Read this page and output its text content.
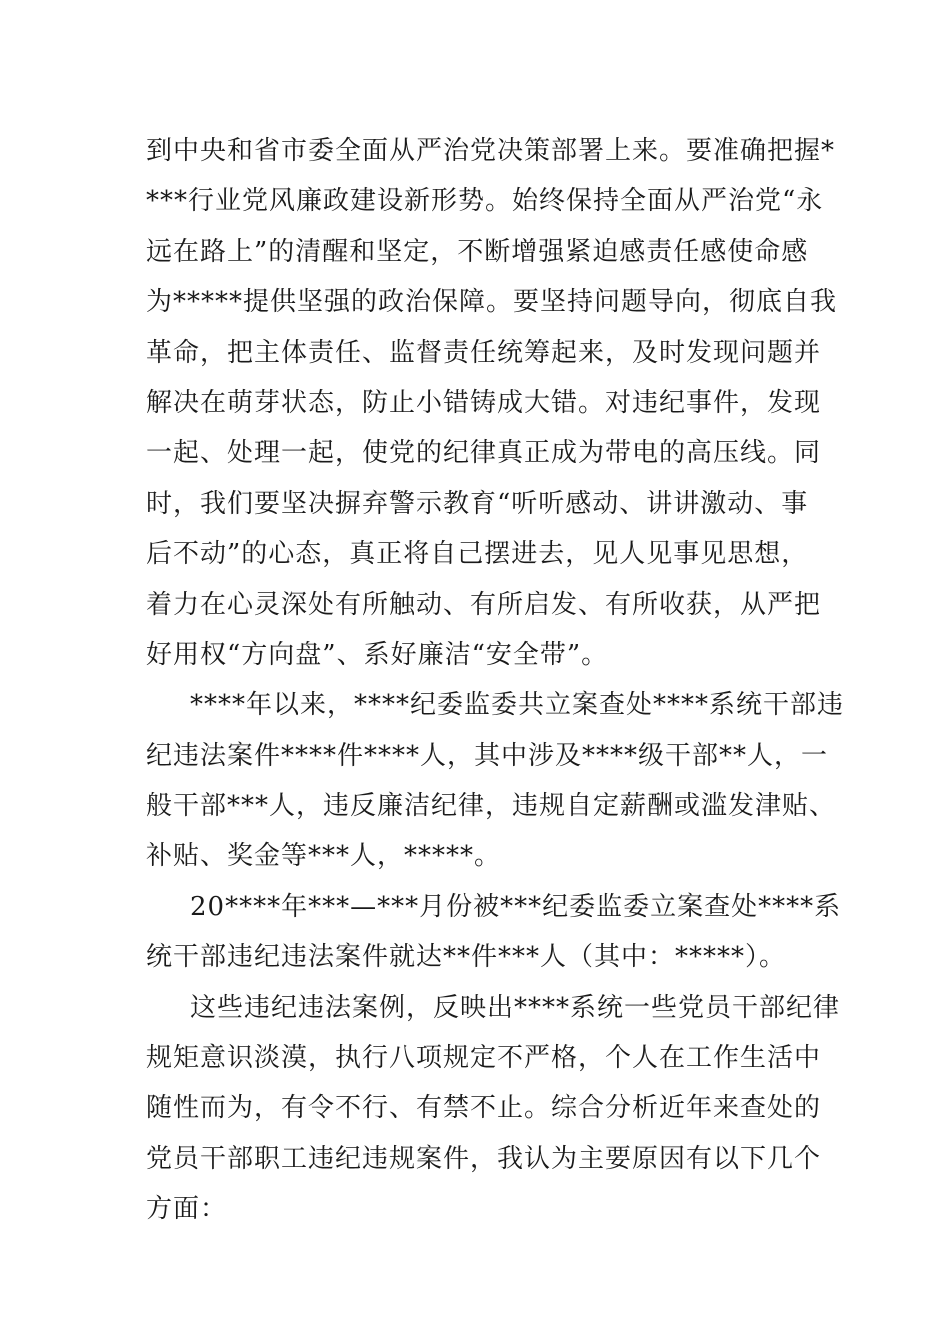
到中央和省市委全面从严治党决策部署上来。要准确把握*
***行业党风廉政建设新形势。始终保持全面从严治党“永
远在路上”的清醒和坚定，不断增强紧迫感责任感使命感
为*****提供坚强的政治保障。要坚持问题导向，彻底自我
革命，把主体责任、监督责任统筹起来，及时发现问题并
解决在萌芽状态，防止小错铸成大错。对违纪事件，发现
一起、处理一起，使党的纪律真正成为带电的高压线。同
时，我们要坚决摒弃警示教育“听听感动、讲讲激动、事
后不动”的心态，真正将自己摆进去，见人见事见思想，
着力在心灵深处有所触动、有所启发、有所收获，从严把
好用权“方向盘”、系好廉洁“安全带”。
****年以来，****纪委监委共立案查处****系统干部违
纪违法案件****件****人，其中涉及****级干部**人，一
般干部***人，违反廉洁纪律，违规自定薪酬或滥发津贴、
补贴、奖金等***人，*****。
20****年***—***月份被***纪委监委立案查处****系
统干部违纪违法案件就达**件***人（其中：*****）。
这些违纪违法案例，反映出****系统一些党员干部纪律
规矩意识淡漠，执行八项规定不严格，个人在工作生活中
随性而为，有令不行、有禁不止。综合分析近年来查处的
党员干部职工违纪违规案件，我认为主要原因有以下几个
方面：
